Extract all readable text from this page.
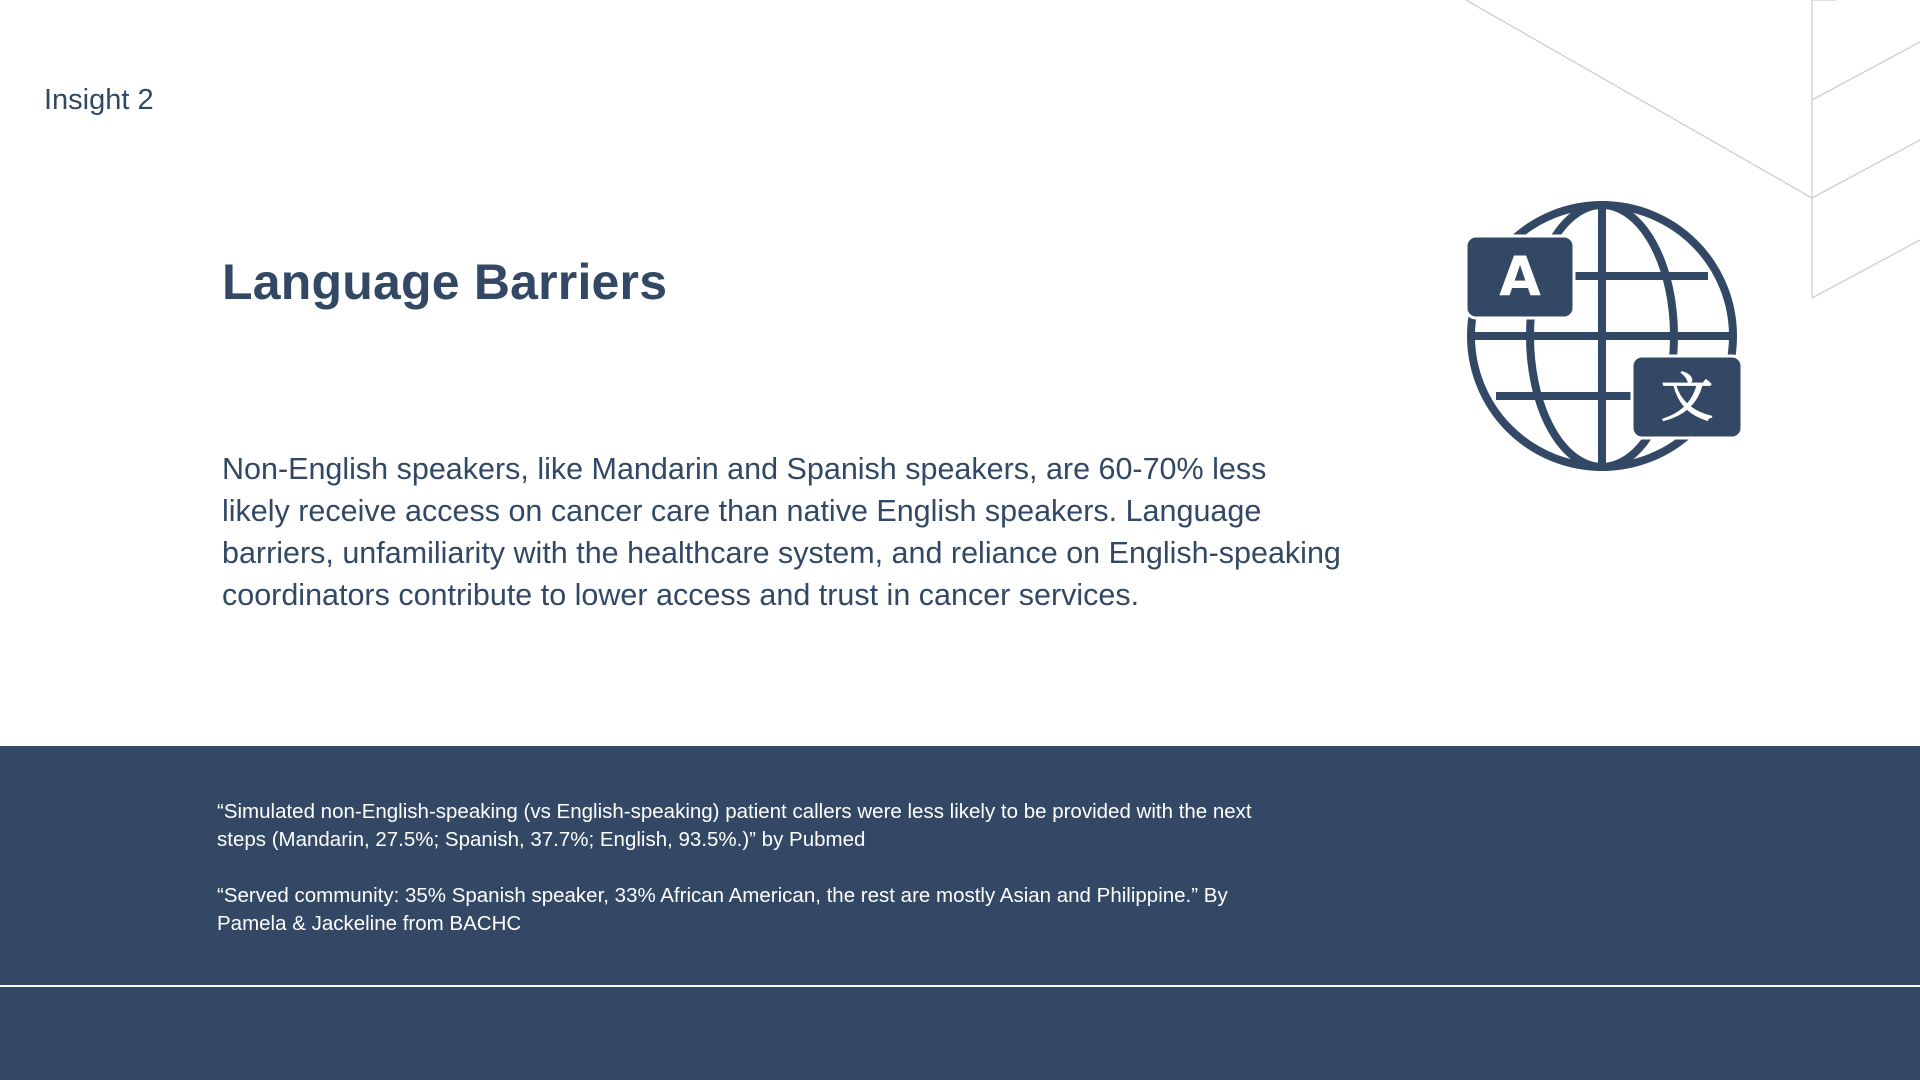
Insight 2
Language Barriers

Non-English speakers, like Mandarin and Spanish speakers, are 60-70% less likely receive access on cancer care than native English speakers. Language barriers, unfamiliarity with the healthcare system, and reliance on English-speaking coordinators contribute to lower access and trust in cancer services.

A
文

“Simulated non-English-speaking (vs English-speaking) patient callers were less likely to be provided with the next steps (Mandarin, 27.5%; Spanish, 37.7%; English, 93.5%.)” by Pubmed

“Served community: 35% Spanish speaker, 33% African American, the rest are mostly Asian and Philippine.” By Pamela & Jackeline from BACHC
